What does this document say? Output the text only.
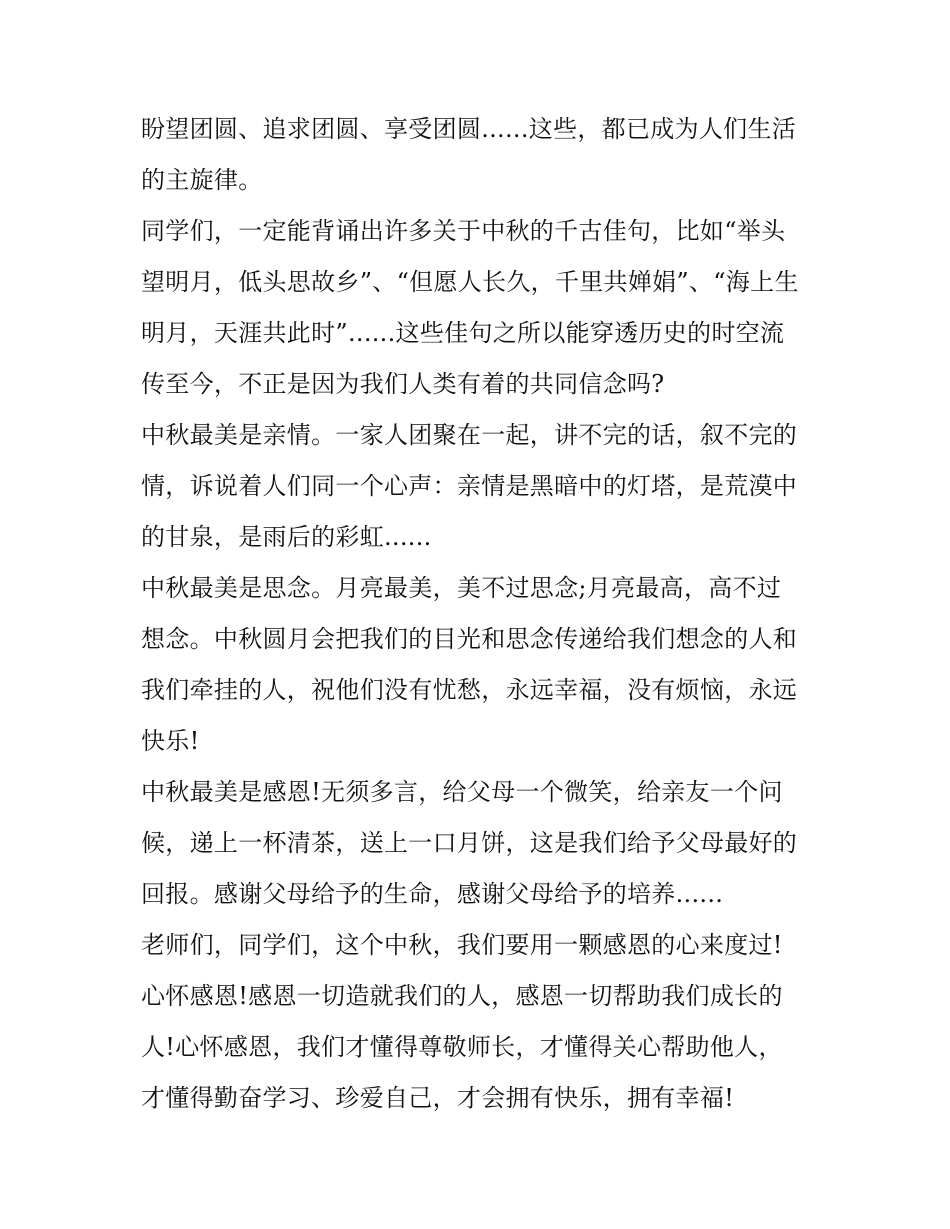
盼望团圆、追求团圆、享受团圆......这些，都已成为人们生活
的主旋律。
同学们，一定能背诵出许多关于中秋的千古佳句，比如“举头
望明月，低头思故乡”、“但愿人长久，千里共婵娟”、“海上生
明月，天涯共此时”......这些佳句之所以能穿透历史的时空流
传至今，不正是因为我们人类有着的共同信念吗?
中秋最美是亲情。一家人团聚在一起，讲不完的话，叙不完的
情，诉说着人们同一个心声：亲情是黑暗中的灯塔，是荒漠中
的甘泉，是雨后的彩虹......
中秋最美是思念。月亮最美，美不过思念;月亮最高，高不过
想念。中秋圆月会把我们的目光和思念传递给我们想念的人和
我们牵挂的人，祝他们没有忧愁，永远幸福，没有烦恼，永远
快乐!
中秋最美是感恩!无须多言，给父母一个微笑，给亲友一个问
候，递上一杯清茶，送上一口月饼，这是我们给予父母最好的
回报。感谢父母给予的生命，感谢父母给予的培养......
老师们，同学们，这个中秋，我们要用一颗感恩的心来度过!
心怀感恩!感恩一切造就我们的人，感恩一切帮助我们成长的
人!心怀感恩，我们才懂得尊敬师长，才懂得关心帮助他人，
才懂得勤奋学习、珍爱自己，才会拥有快乐，拥有幸福!
